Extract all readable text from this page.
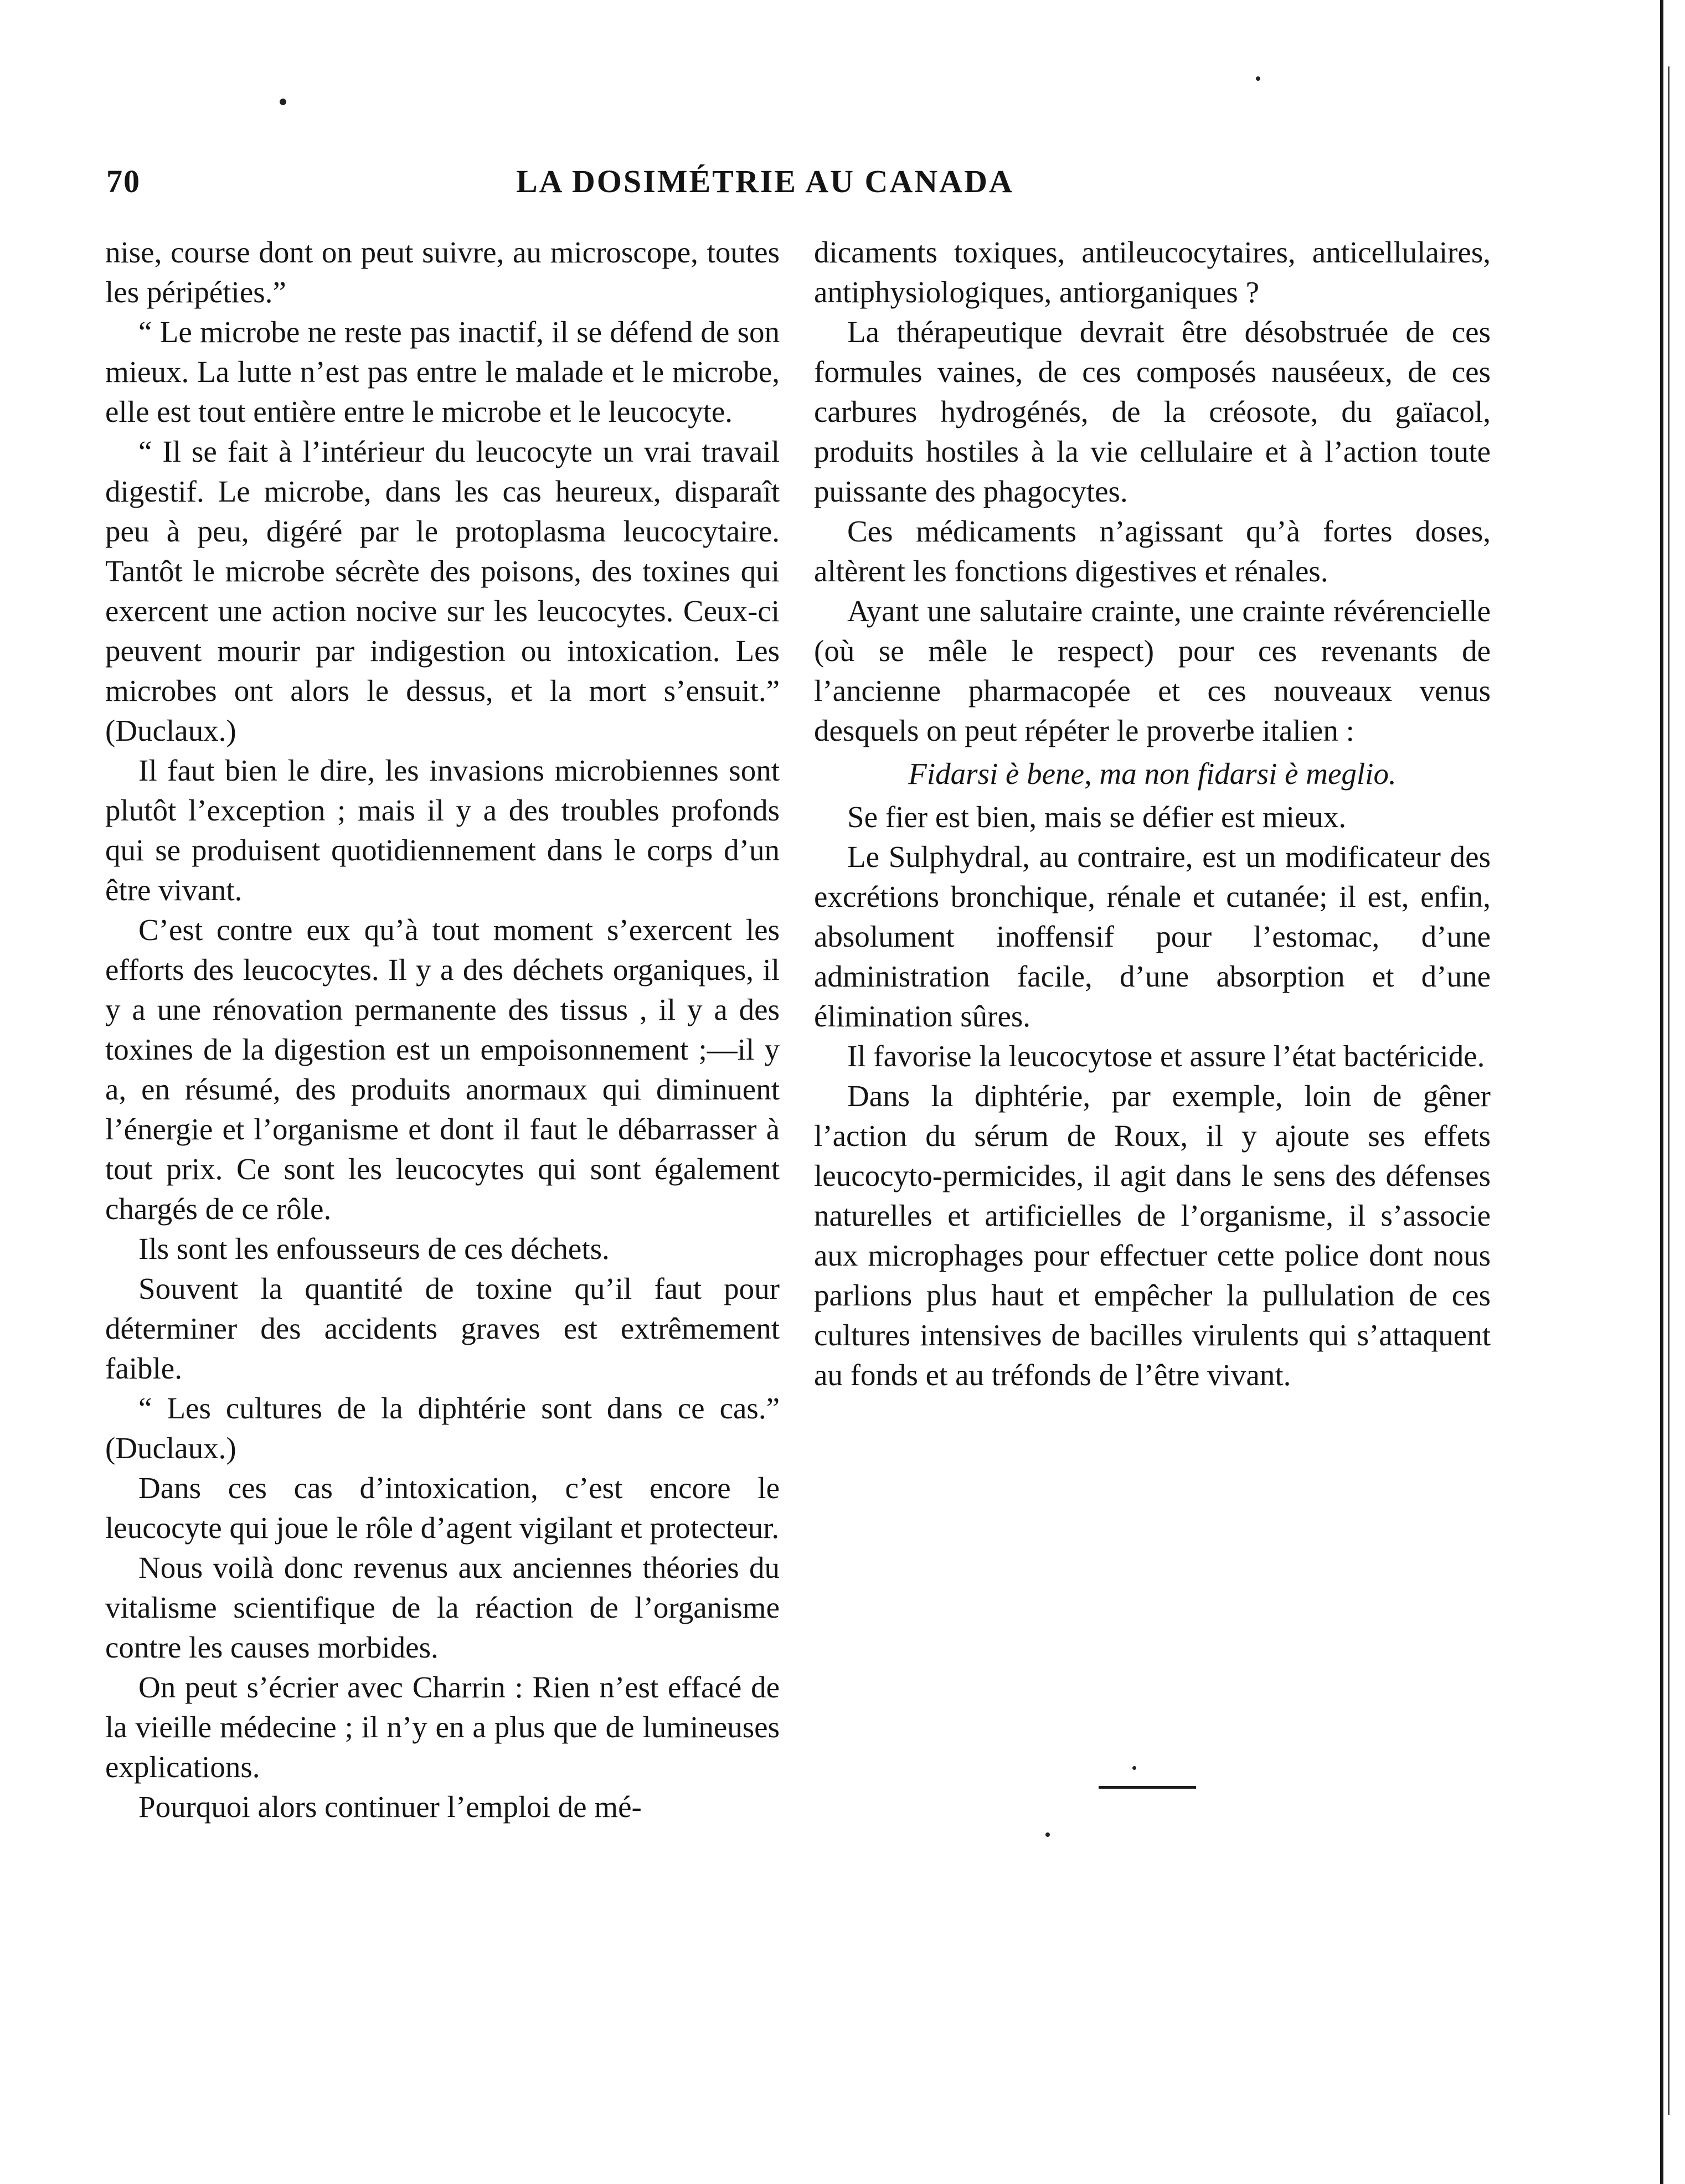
70	LA DOSIMÉTRIE AU CANADA

nise, course dont on peut suivre, au microscope, toutes les péripéties.”

“ Le microbe ne reste pas inactif, il se défend de son mieux. La lutte n’est pas entre le malade et le microbe, elle est tout entière entre le microbe et le leucocyte.

“ Il se fait à l’intérieur du leucocyte un vrai travail digestif. Le microbe, dans les cas heureux, disparaît peu à peu, digéré par le protoplasma leucocytaire. Tantôt le microbe sécrète des poisons, des toxines qui exercent une action nocive sur les leucocytes. Ceux-ci peuvent mourir par indigestion ou intoxication. Les microbes ont alors le dessus, et la mort s’ensuit.” (Duclaux.)

Il faut bien le dire, les invasions microbiennes sont plutôt l’exception ; mais il y a des troubles profonds qui se produisent quotidiennement dans le corps d’un être vivant.

C’est contre eux qu’à tout moment s’exercent les efforts des leucocytes. Il y a des déchets organiques, il y a une rénovation permanente des tissus , il y a des toxines de la digestion est un empoisonnement ;—il y a, en résumé, des produits anormaux qui diminuent l’énergie et l’organisme et dont il faut le débarrasser à tout prix. Ce sont les leucocytes qui sont également chargés de ce rôle.

Ils sont les enfousseurs de ces déchets.

Souvent la quantité de toxine qu’il faut pour déterminer des accidents graves est extrêmement faible.

“ Les cultures de la diphtérie sont dans ce cas.” (Duclaux.)

Dans ces cas d’intoxication, c’est encore le leucocyte qui joue le rôle d’agent vigilant et protecteur.

Nous voilà donc revenus aux anciennes théories du vitalisme scientifique de la réaction de l’organisme contre les causes morbides.

On peut s’écrier avec Charrin : Rien n’est effacé de la vieille médecine ; il n’y en a plus que de lumineuses explications.

Pourquoi alors continuer l’emploi de mé-

dicaments toxiques, antileucocytaires, anticellulaires, antiphysiologiques, antiorganiques ?

La thérapeutique devrait être désobstruée de ces formules vaines, de ces composés nauséeux, de ces carbures hydrogénés, de la créosote, du gaïacol, produits hostiles à la vie cellulaire et à l’action toute puissante des phagocytes.

Ces médicaments n’agissant qu’à fortes doses, altèrent les fonctions digestives et rénales.

Ayant une salutaire crainte, une crainte révérencielle (où se mêle le respect) pour ces revenants de l’ancienne pharmacopée et ces nouveaux venus desquels on peut répéter le proverbe italien :

Fidarsi è bene, ma non fidarsi è meglio.

Se fier est bien, mais se défier est mieux.

Le Sulphydral, au contraire, est un modificateur des excrétions bronchique, rénale et cutanée; il est, enfin, absolument inoffensif pour l’estomac, d’une administration facile, d’une absorption et d’une élimination sûres.

Il favorise la leucocytose et assure l’état bactéricide.

Dans la diphtérie, par exemple, loin de gêner l’action du sérum de Roux, il y ajoute ses effets leucocyto-permicides, il agit dans le sens des défenses naturelles et artificielles de l’organisme, il s’associe aux microphages pour effectuer cette police dont nous parlions plus haut et empêcher la pullulation de ces cultures intensives de bacilles virulents qui s’attaquent au fonds et au tréfonds de l’être vivant.
